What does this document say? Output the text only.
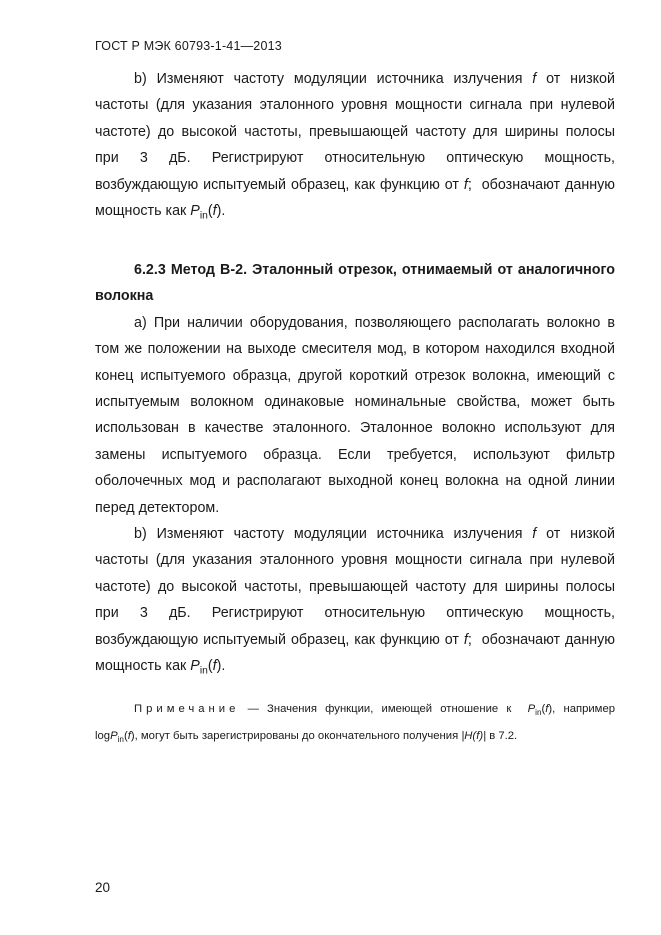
ГОСТ Р МЭК 60793-1-41—2013

b) Изменяют частоту модуляции источника излучения f от низкой частоты (для указания эталонного уровня мощности сигнала при нулевой частоте) до высокой частоты, превышающей частоту для ширины полосы при 3 дБ. Регистрируют относительную оптическую мощность, возбуждающую испытуемый образец, как функцию от f;  обозначают данную мощность как $P_{in}(f)$.

6.2.3 Метод В-2. Эталонный отрезок, отнимаемый от аналогичного волокна

а) При наличии оборудования, позволяющего располагать волокно в том же положении на выходе смесителя мод, в котором находился входной конец испытуемого образца, другой короткий отрезок волокна, имеющий с испытуемым волокном одинаковые номинальные свойства, может быть использован в качестве эталонного. Эталонное волокно используют для замены испытуемого образца. Если требуется, используют фильтр оболочечных мод и располагают выходной конец волокна на одной линии перед детектором.

b) Изменяют частоту модуляции источника излучения f от низкой частоты (для указания эталонного уровня мощности сигнала при нулевой частоте) до высокой частоты, превышающей частоту для ширины полосы при 3 дБ. Регистрируют относительную оптическую мощность, возбуждающую испытуемый образец, как функцию от f;  обозначают данную мощность как $P_{in}(f)$.

Примечание — Значения функции, имеющей отношение к $P_{in}(f)$, например logP$_{in}$(f), могут быть зарегистрированы до окончательного получения |H(f)| в 7.2.

20
